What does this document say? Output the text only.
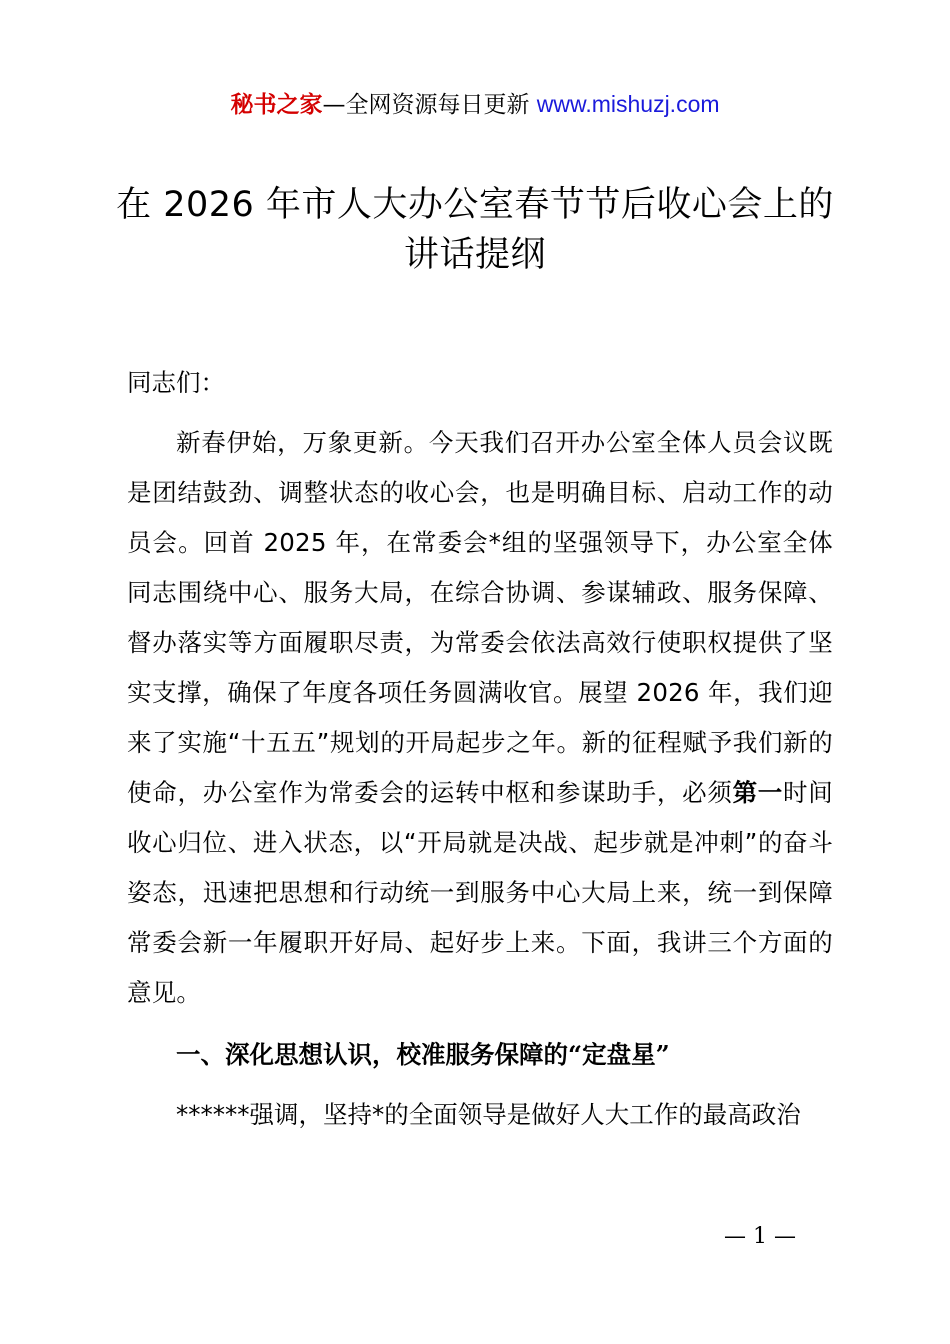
秘书之家—全网资源每日更新 www.mishuzj.com
在 2026 年市人大办公室春节节后收心会上的
讲话提纲
同志们：
新春伊始，万象更新。今天我们召开办公室全体人员会议既是团结鼓劲、调整状态的收心会，也是明确目标、启动工作的动员会。回首 2025 年，在常委会*组的坚强领导下，办公室全体同志围绕中心、服务大局，在综合协调、参谋辅政、服务保障、督办落实等方面履职尽责，为常委会依法高效行使职权提供了坚实支撑，确保了年度各项任务圆满收官。展望 2026 年，我们迎来了实施“十五五”规划的开局起步之年。新的征程赋予我们新的使命，办公室作为常委会的运转中枢和参谋助手，必须第一时间收心归位、进入状态，以“开局就是决战、起步就是冲刺”的奋斗姿态，迅速把思想和行动统一到服务中心大局上来，统一到保障常委会新一年履职开好局、起好步上来。下面，我讲三个方面的意见。
一、深化思想认识，校准服务保障的“定盘星”
******强调，坚持*的全面领导是做好人大工作的最高政治
— 1 —
